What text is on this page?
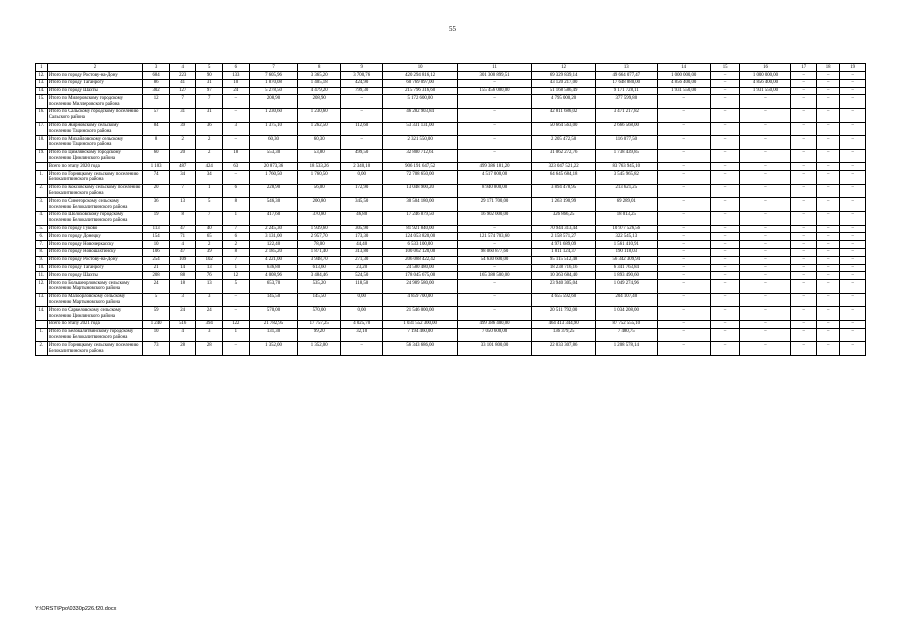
55
1	2	3	4	5	6	7	8	9	10	11	12	13	14	15	16	17	18	19
12.	Итого по городу Ростову-на-Дону	684	223	90	133	7 605,96	3 365,20	3 700,76	420 294 816,12	301 300 899,51	69 329 839,14	49 664 077,47	1 000 000,00	–	1 000 000,00	–	–	–
13.	Итого по городу Таганрогу	86	41	31	10	1 870,08	1 405,18	424,90	60 769 097,00	–	43 120 217,00	17 648 880,00	4 856 400,00	–	4 856 400,00	–	–	–
14.	Итого по городу Шахты	302	127	97	24	5 278,50	4 479,20	799,30	215 796 316,60	155 456 000,00	51 168 586,49	9 171 728,11	1 931 550,00	–	1 931 550,00	–	–	–
15.	Итого по Милеровскому городскому поселению Миллеровского района	12	7	7	–	208,90	208,90	–	5 172 600,00	–	4 795 000,20	377 599,80	–	–	–	–	–	–
16.	Итого по Сальскому городскому поселению Сальского района	57	31	31	–	1 230,60	1 230,60	–	46 282 903,84	–	42 811 686,02	3 471 217,82	–	–	–	–	–	–
17.	Итого по Жирновскому сельскому поселению Тацинского района	84	39	36	3	1 375,10	1 262,50	112,60	53 331 131,00	–	50 664 563,00	2 666 568,00	–	–	–	–	–	–
18.	Итого по Михайловскому сельскому поселению Тацинского района	8	2	2	–	60,30	60,30	–	2 321 550,00	–	2 205 472,50	116 077,50	–	–	–	–	–	–
19.	Итого по Цимлянскому городскому поселению Цимлянского района	60	20	2	18	553,30	53,80	499,50	32 800 712,61	–	31 062 272,76	1 738 439,85	–	–	–	–	–	–
	Всего по этапу 2020 года	1 103	487	424	63	20 873,36	18 533,26	2 340,10	906 191 647,52	499 386 181,20	323 047 521,22	83 763 945,10	–	–	–	–	–	–
1.	Итого по Горняцкому сельскому поселению Белокалитвинского района	74	34	34	–	1 760,50	1 760,50	0,00	72 708 650,00	4 517 000,00	64 645 684,18	3 545 965,82	–	–	–	–	–	–
2.	Итого по Коксовскому сельскому поселению Белокалитвинского района	20	7	1	6	228,90	56,00	172,90	13 048 900,20	8 940 800,00	3 894 478,95	213 621,25	–	–	–	–	–	–
3.	Итого по Синегорскому сельскому поселению Белокалитвинского района	36	13	5	8	546,30	200,80	345,50	30 504 180,00	29 171 700,00	1 263 190,99	69 289,01	–	–	–	–	–	–
4.	Итого по Шолоховскому городскому поселению Белокалитвинского района	19	8	7	1	417,60	370,80	46,80	17 246 879,50	16 902 000,00	326 866,25	18 013,25	–	–	–	–	–	–
5.	Итого по городу Гуково	113	47	40	7	2 245,30	1 939,60	305,90	81 921 840,00	–	70 944 313,44	10 977 526,56	–	–	–	–	–	–
6.	Итого по городу Донецку	154	71	65	6	3 131,00	2 957,70	173,30	124 053 820,00	121 574 703,60	2 158 571,27	322 545,13	–	–	–	–	–	–
7.	Итого по городу Новочеркасску	10	4	2	2	122,40	78,00	44,40	6 533 100,00	–	4 971 689,09	1 561 410,91	–	–	–	–	–	–
8.	Итого по городу Новошахтинску	106	47	39	8	2 185,20	1 871,40	313,80	100 062 120,00	98 060 877,60	1 811 124,37	190 118,03	–	–	–	–	–	–
9.	Итого по городу Ростову-на-Дону	254	109	102	7	4 221,00	3 948,70	271,30	206 088 422,42	54 630 600,00	95 115 512,48	56 342 309,94	–	–	–	–	–	–
10.	Итого по городу Таганрогу	21	14	13	1	636,80	613,60	23,20	24 580 480,00	–	18 238 716,16	6 341 763,84	–	–	–	–	–	–
11.	Итого по городу Шахты	208	88	76	12	4 008,96	3 484,46	524,50	178 045 675,00	165 388 500,00	10 363 684,40	1 893 490,60	–	–	–	–	–	–
12.	Итого по Большеорловскому сельскому поселению Мартыновского района	24	18	13	5	653,70	535,20	118,50	24 989 580,00	–	23 940 305,04	1 049 274,96	–	–	–	–	–	–
13.	Итого по Малоорловскому сельскому поселению Мартыновского района	5	3	3	–	145,50	145,50	0,00	4 859 700,00	–	4 655 592,60	204 107,40	–	–	–	–	–	–
14.	Итого по Саркеловскому сельскому поселению Цимлянского района	59	24	24	–	570,00	570,00	0,00	21 546 000,00	–	20 511 792,00	1 034 208,00	–	–	–	–	–	–
	Всего по этапу 2021 года	1 240	516	394	122	21 782,95	17 757,25	4 025,70	1 031 552 300,00	499 386 400,00	464 413 344,90	87 752 555,10	–	–	–	–	–	–
1.	Итого по Белокалитвинскому городскому поселению Белокалитвинского района	10	4	3	1	131,30	99,20	32,10	7 194 460,00	7 050 600,00	136 379,25	7 480,75	–	–	–	–	–	–
2.	Итого по Горняцкому сельскому поселению Белокалитвинского района	73	28	28	–	1 352,00	1 352,00	–	56 343 686,00	33 101 800,00	22 033 307,86	1 208 578,14	–	–	–	–	–	–
Y:\ORST\Ppo\0330p226.f20.docx
